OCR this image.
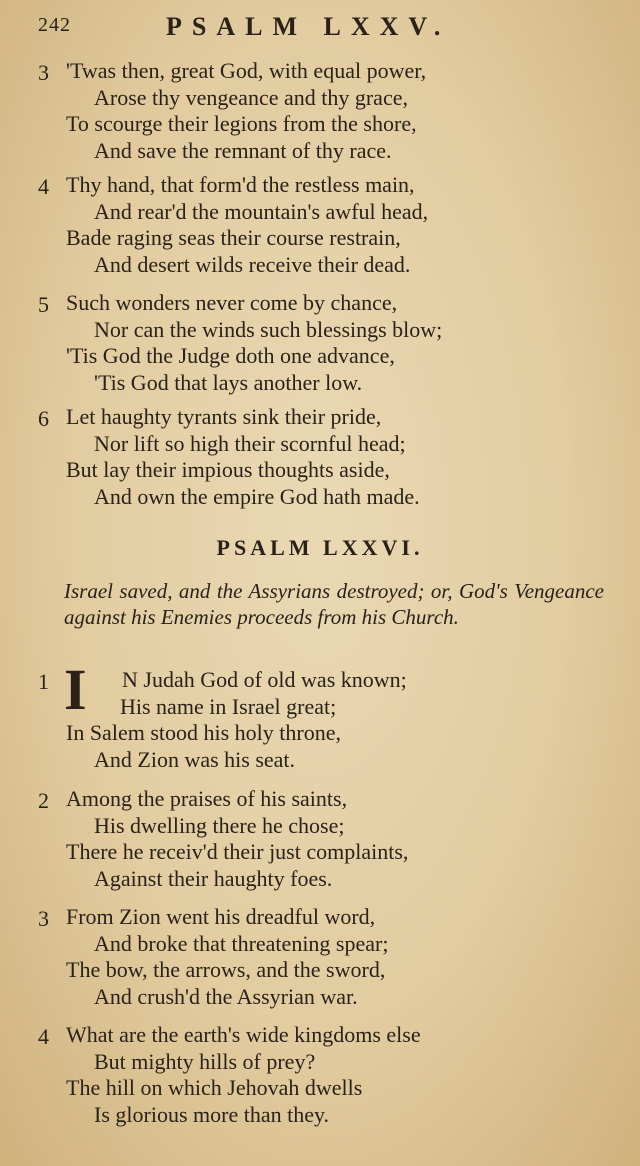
242	PSALM LXXV.
3 'Twas then, great God, with equal power,
Arose thy vengeance and thy grace,
To scourge their legions from the shore,
And save the remnant of thy race.
4 Thy hand, that form'd the restless main,
And rear'd the mountain's awful head,
Bade raging seas their course restrain,
And desert wilds receive their dead.
5 Such wonders never come by chance,
Nor can the winds such blessings blow;
'Tis God the Judge doth one advance,
'Tis God that lays another low.
6 Let haughty tyrants sink their pride,
Nor lift so high their scornful head;
But lay their impious thoughts aside,
And own the empire God hath made.
PSALM LXXVI.
Israel saved, and the Assyrians destroyed; or, God's Vengeance against his Enemies proceeds from his Church.
1 I	N Judah God of old was known;
His name in Israel great;
In Salem stood his holy throne,
And Zion was his seat.
2 Among the praises of his saints,
His dwelling there he chose;
There he receiv'd their just complaints,
Against their haughty foes.
3 From Zion went his dreadful word,
And broke that threatening spear;
The bow, the arrows, and the sword,
And crush'd the Assyrian war.
4 What are the earth's wide kingdoms else
But mighty hills of prey?
The hill on which Jehovah dwells
Is glorious more than they.
